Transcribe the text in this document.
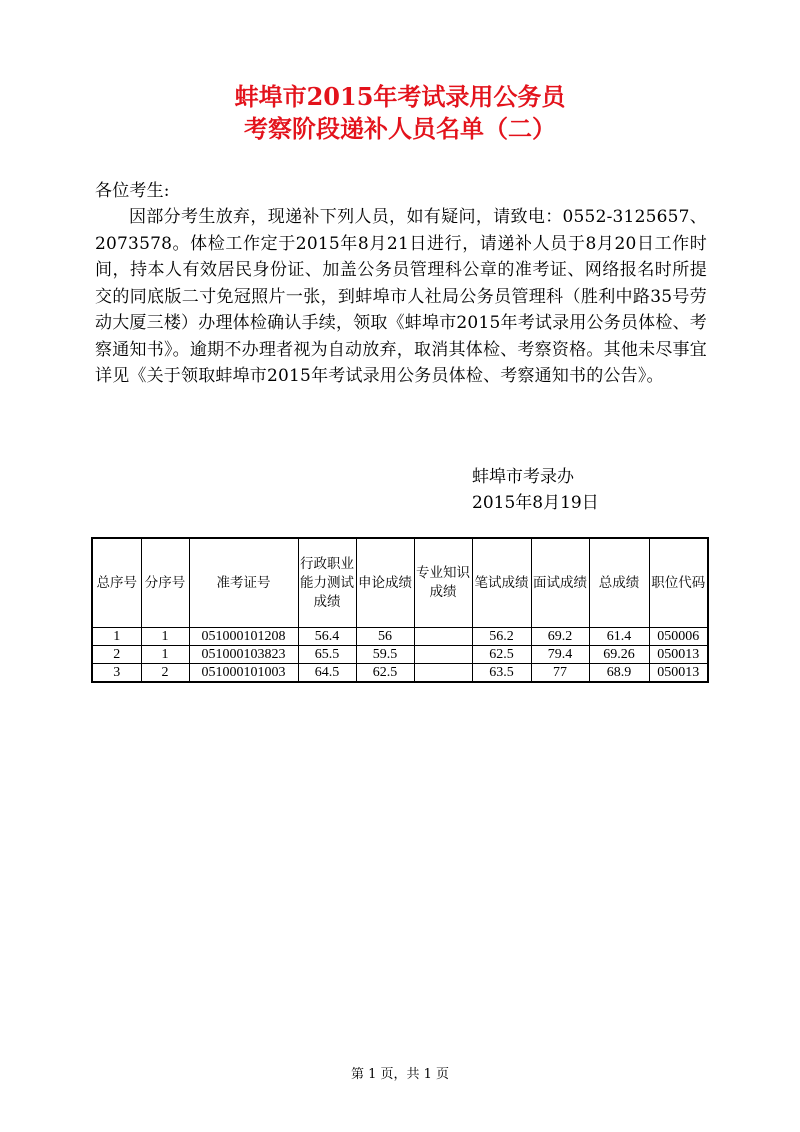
蚌埠市2015年考试录用公务员
考察阶段递补人员名单（二）
各位考生:
因部分考生放弃，现递补下列人员，如有疑问，请致电：0552-3125657、2073578。体检工作定于2015年8月21日进行，请递补人员于8月20日工作时间，持本人有效居民身份证、加盖公务员管理科公章的准考证、网络报名时所提交的同底版二寸免冠照片一张，到蚌埠市人社局公务员管理科（胜利中路35号劳动大厦三楼）办理体检确认手续，领取《蚌埠市2015年考试录用公务员体检、考察通知书》。逾期不办理者视为自动放弃，取消其体检、考察资格。其他未尽事宜详见《关于领取蚌埠市2015年考试录用公务员体检、考察通知书的公告》。
蚌埠市考录办
2015年8月19日
总序号	分序号	准考证号	行政职业能力测试成绩	申论成绩	专业知识成绩	笔试成绩	面试成绩	总成绩	职位代码
1	1	051000101208	56.4	56		56.2	69.2	61.4	050006
2	1	051000103823	65.5	59.5		62.5	79.4	69.26	050013
3	2	051000101003	64.5	62.5		63.5	77	68.9	050013
第 1 页，共 1 页
